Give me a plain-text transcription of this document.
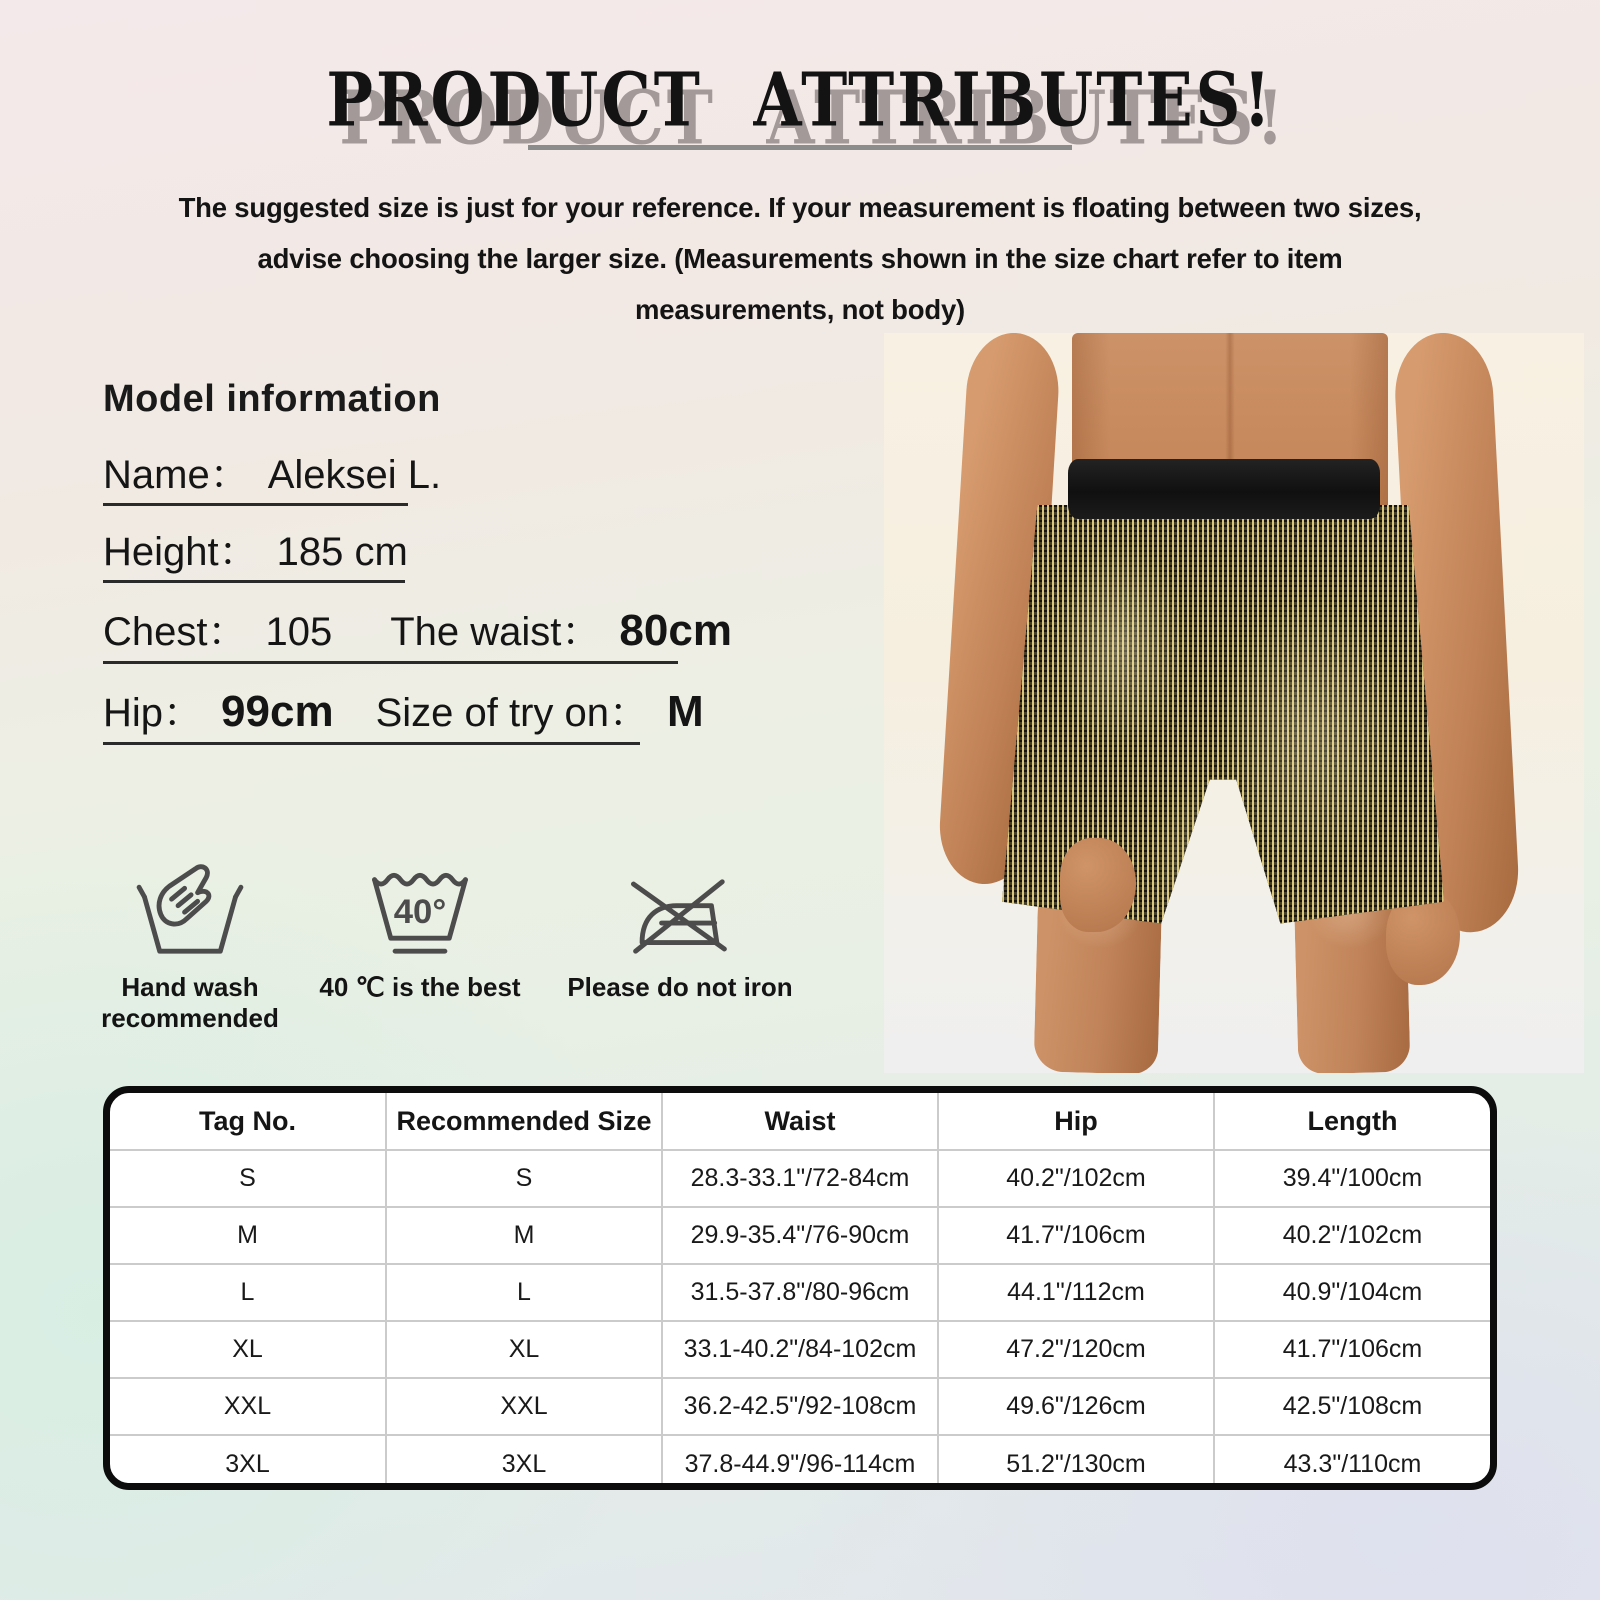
PRODUCT ATTRIBUTES!
The suggested size is just for your reference. If your measurement is floating between two sizes,
advise choosing the larger size. (Measurements shown in the size chart refer to item
measurements, not body)
Model information
Name： Aleksei L.
Height： 185 cm
Chest： 105 The waist： 80cm
Hip： 99cm Size of try on： M
Hand wash
recommended
40°
40 ℃ is the best	Please do not iron
Tag No.	Recommended Size	Waist	Hip	Length
S	S	28.3-33.1"/72-84cm	40.2"/102cm	39.4"/100cm
M	M	29.9-35.4"/76-90cm	41.7"/106cm	40.2"/102cm
L	L	31.5-37.8"/80-96cm	44.1"/112cm	40.9"/104cm
XL	XL	33.1-40.2"/84-102cm	47.2"/120cm	41.7"/106cm
XXL	XXL	36.2-42.5"/92-108cm	49.6"/126cm	42.5"/108cm
3XL	3XL	37.8-44.9"/96-114cm	51.2"/130cm	43.3"/110cm
